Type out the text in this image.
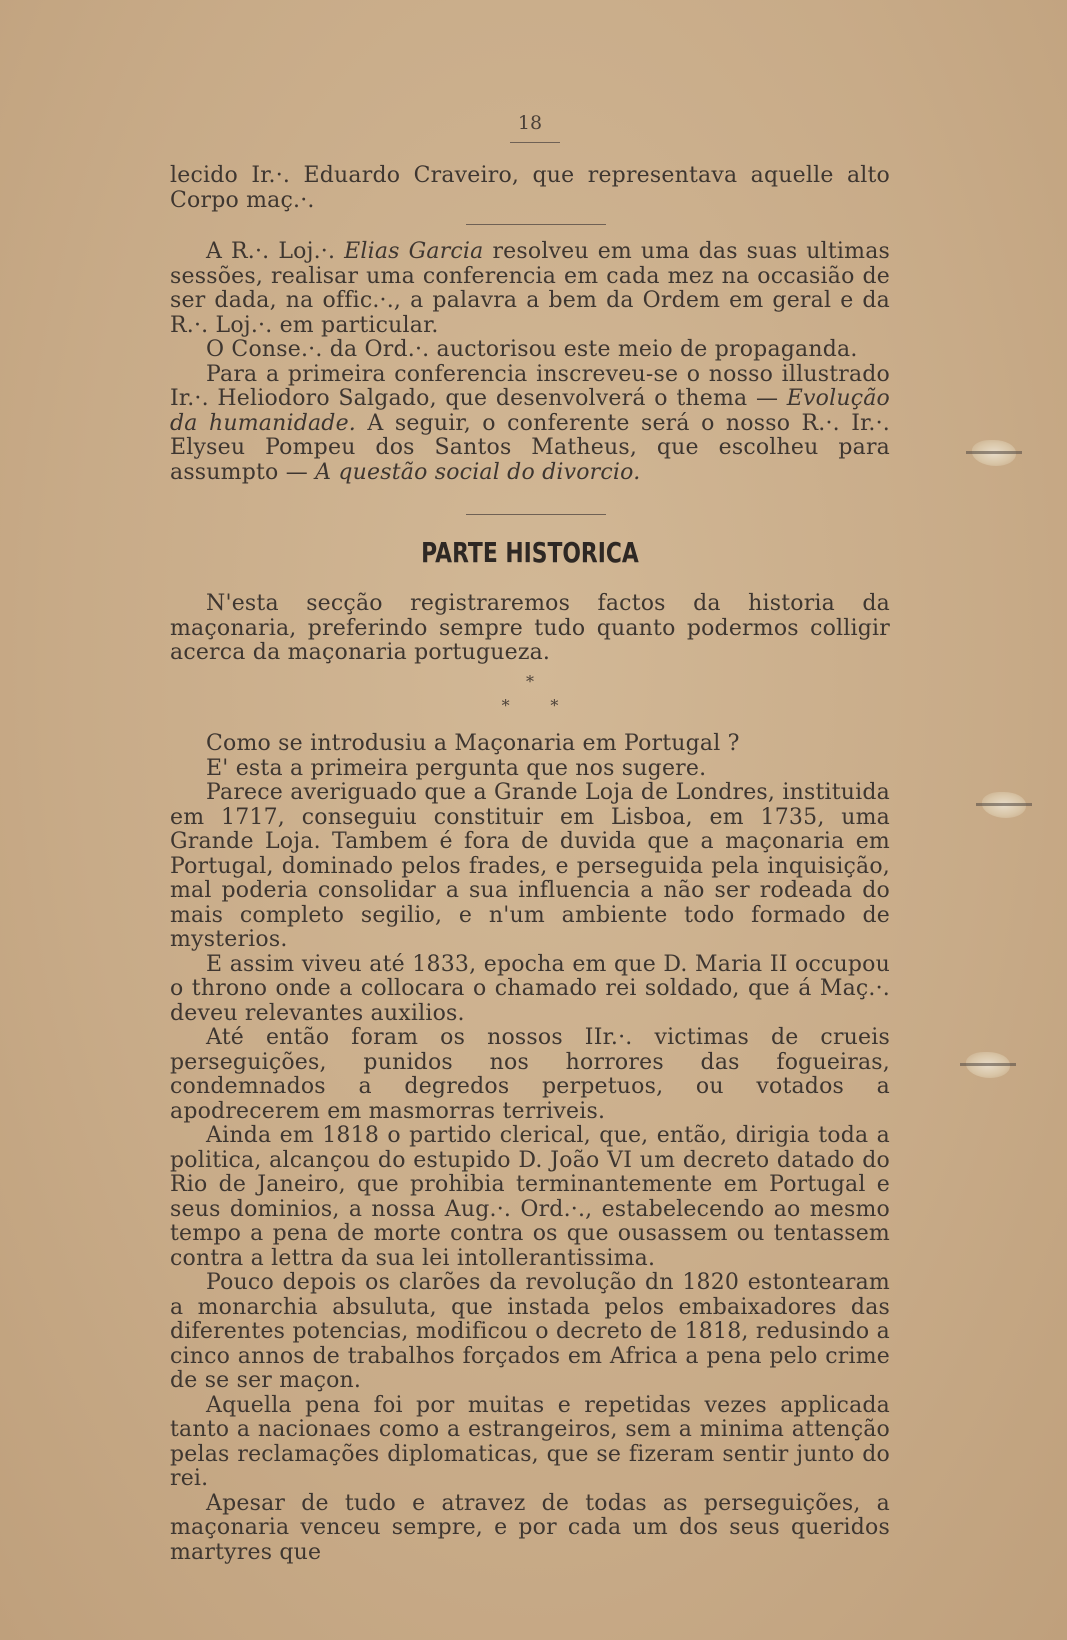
18

lecido Ir.·. Eduardo Craveiro, que representava aquelle alto Corpo maç.·.

A R.·. Loj.·. Elias Garcia resolveu em uma das suas ultimas sessões, realisar uma conferencia em cada mez na occasião de ser dada, na offic.·., a palavra a bem da Ordem em geral e da R.·. Loj.·. em particular.

O Conse.·. da Ord.·. auctorisou este meio de propaganda.

Para a primeira conferencia inscreveu-se o nosso illustrado Ir.·. Heliodoro Salgado, que desenvolverá o thema — Evolução da humanidade. A seguir, o conferente será o nosso R.·. Ir.·. Elyseu Pompeu dos Santos Matheus, que escolheu para assumpto — A questão social do divorcio.

PARTE HISTORICA

N'esta secção registraremos factos da historia da maçonaria, preferindo sempre tudo quanto podermos colligir acerca da maçonaria portugueza.

*
*        *

Como se introdusiu a Maçonaria em Portugal ?

E' esta a primeira pergunta que nos sugere.

Parece averiguado que a Grande Loja de Londres, instituida em 1717, conseguiu constituir em Lisboa, em 1735, uma Grande Loja. Tambem é fora de duvida que a maçonaria em Portugal, dominado pelos frades, e perseguida pela inquisição, mal poderia consolidar a sua influencia a não ser rodeada do mais completo segilio, e n'um ambiente todo formado de mysterios.

E assim viveu até 1833, epocha em que D. Maria II occupou o throno onde a collocara o chamado rei soldado, que á Maç.·. deveu relevantes auxilios.

Até então foram os nossos IIr.·. victimas de crueis perseguições, punidos nos horrores das fogueiras, condemnados a degredos perpetuos, ou votados a apodrecerem em masmorras terriveis.

Ainda em 1818 o partido clerical, que, então, dirigia toda a politica, alcançou do estupido D. João VI um decreto datado do Rio de Janeiro, que prohibia terminantemente em Portugal e seus dominios, a nossa Aug.·. Ord.·., estabelecendo ao mesmo tempo a pena de morte contra os que ousassem ou tentassem contra a lettra da sua lei intollerantissima.

Pouco depois os clarões da revolução dn 1820 estontearam a monarchia absuluta, que instada pelos embaixadores das diferentes potencias, modificou o decreto de 1818, redusindo a cinco annos de trabalhos forçados em Africa a pena pelo crime de se ser maçon.

Aquella pena foi por muitas e repetidas vezes applicada tanto a nacionaes como a estrangeiros, sem a minima attenção pelas reclamações diplomaticas, que se fizeram sentir junto do rei.

Apesar de tudo e atravez de todas as perseguições, a maçonaria venceu sempre, e por cada um dos seus queridos martyres que
